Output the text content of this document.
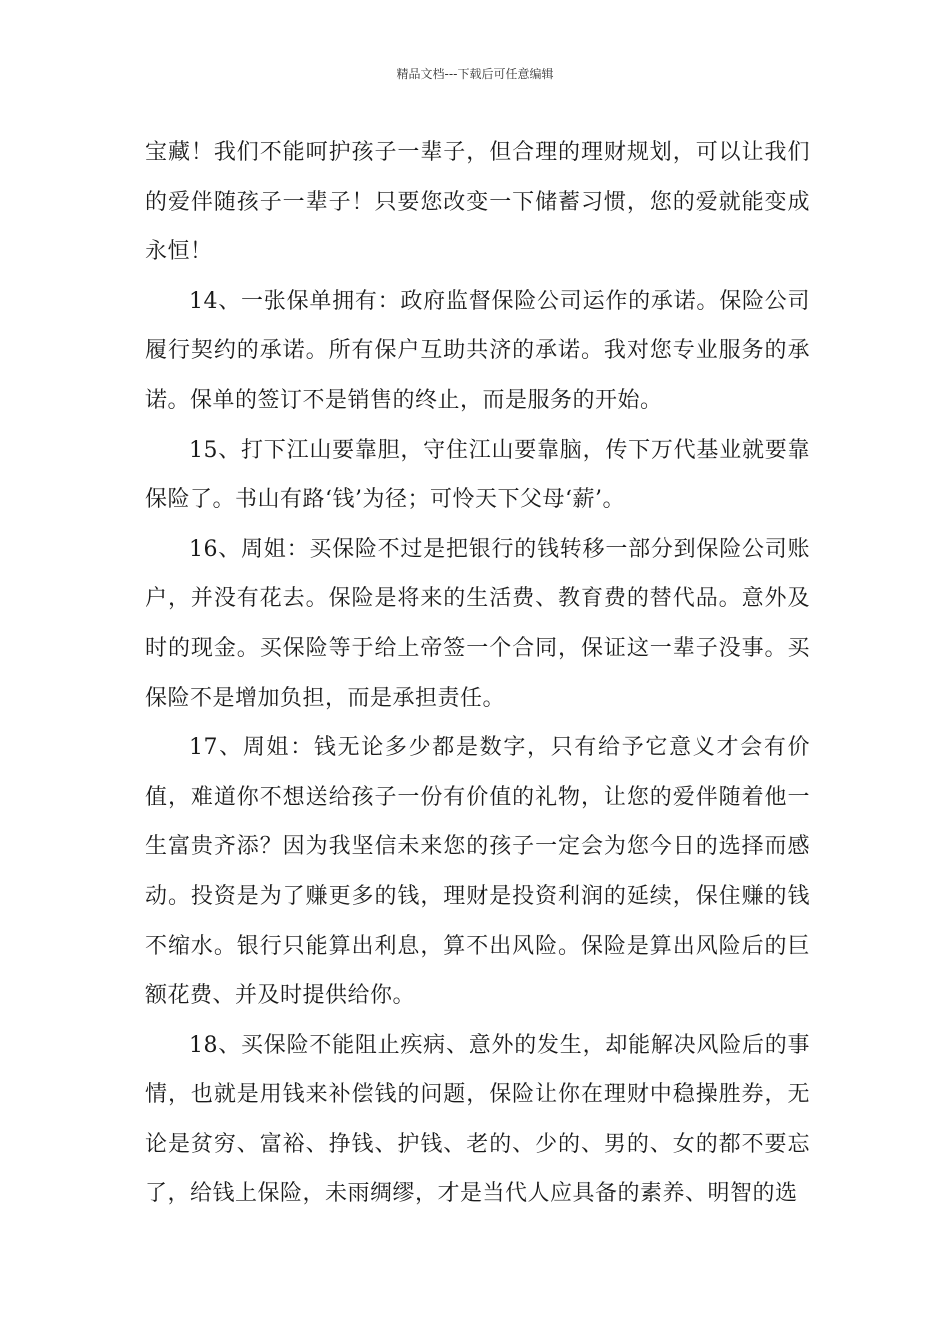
精品文档---下载后可任意编辑

宝藏！我们不能呵护孩子一辈子，但合理的理财规划，可以让我们的爱伴随孩子一辈子！只要您改变一下储蓄习惯，您的爱就能变成永恒！

14、一张保单拥有：政府监督保险公司运作的承诺。保险公司履行契约的承诺。所有保户互助共济的承诺。我对您专业服务的承诺。保单的签订不是销售的终止，而是服务的开始。

15、打下江山要靠胆，守住江山要靠脑，传下万代基业就要靠保险了。书山有路‘钱’为径；可怜天下父母‘薪’。

16、周姐：买保险不过是把银行的钱转移一部分到保险公司账户，并没有花去。保险是将来的生活费、教育费的替代品。意外及时的现金。买保险等于给上帝签一个合同，保证这一辈子没事。买保险不是增加负担，而是承担责任。

17、周姐：钱无论多少都是数字，只有给予它意义才会有价值，难道你不想送给孩子一份有价值的礼物，让您的爱伴随着他一生富贵齐添？因为我坚信未来您的孩子一定会为您今日的选择而感动。投资是为了赚更多的钱，理财是投资利润的延续，保住赚的钱不缩水。银行只能算出利息，算不出风险。保险是算出风险后的巨额花费、并及时提供给你。

18、买保险不能阻止疾病、意外的发生，却能解决风险后的事情，也就是用钱来补偿钱的问题，保险让你在理财中稳操胜券，无论是贫穷、富裕、挣钱、护钱、老的、少的、男的、女的都不要忘了，给钱上保险，未雨绸缪，才是当代人应具备的素养、明智的选
